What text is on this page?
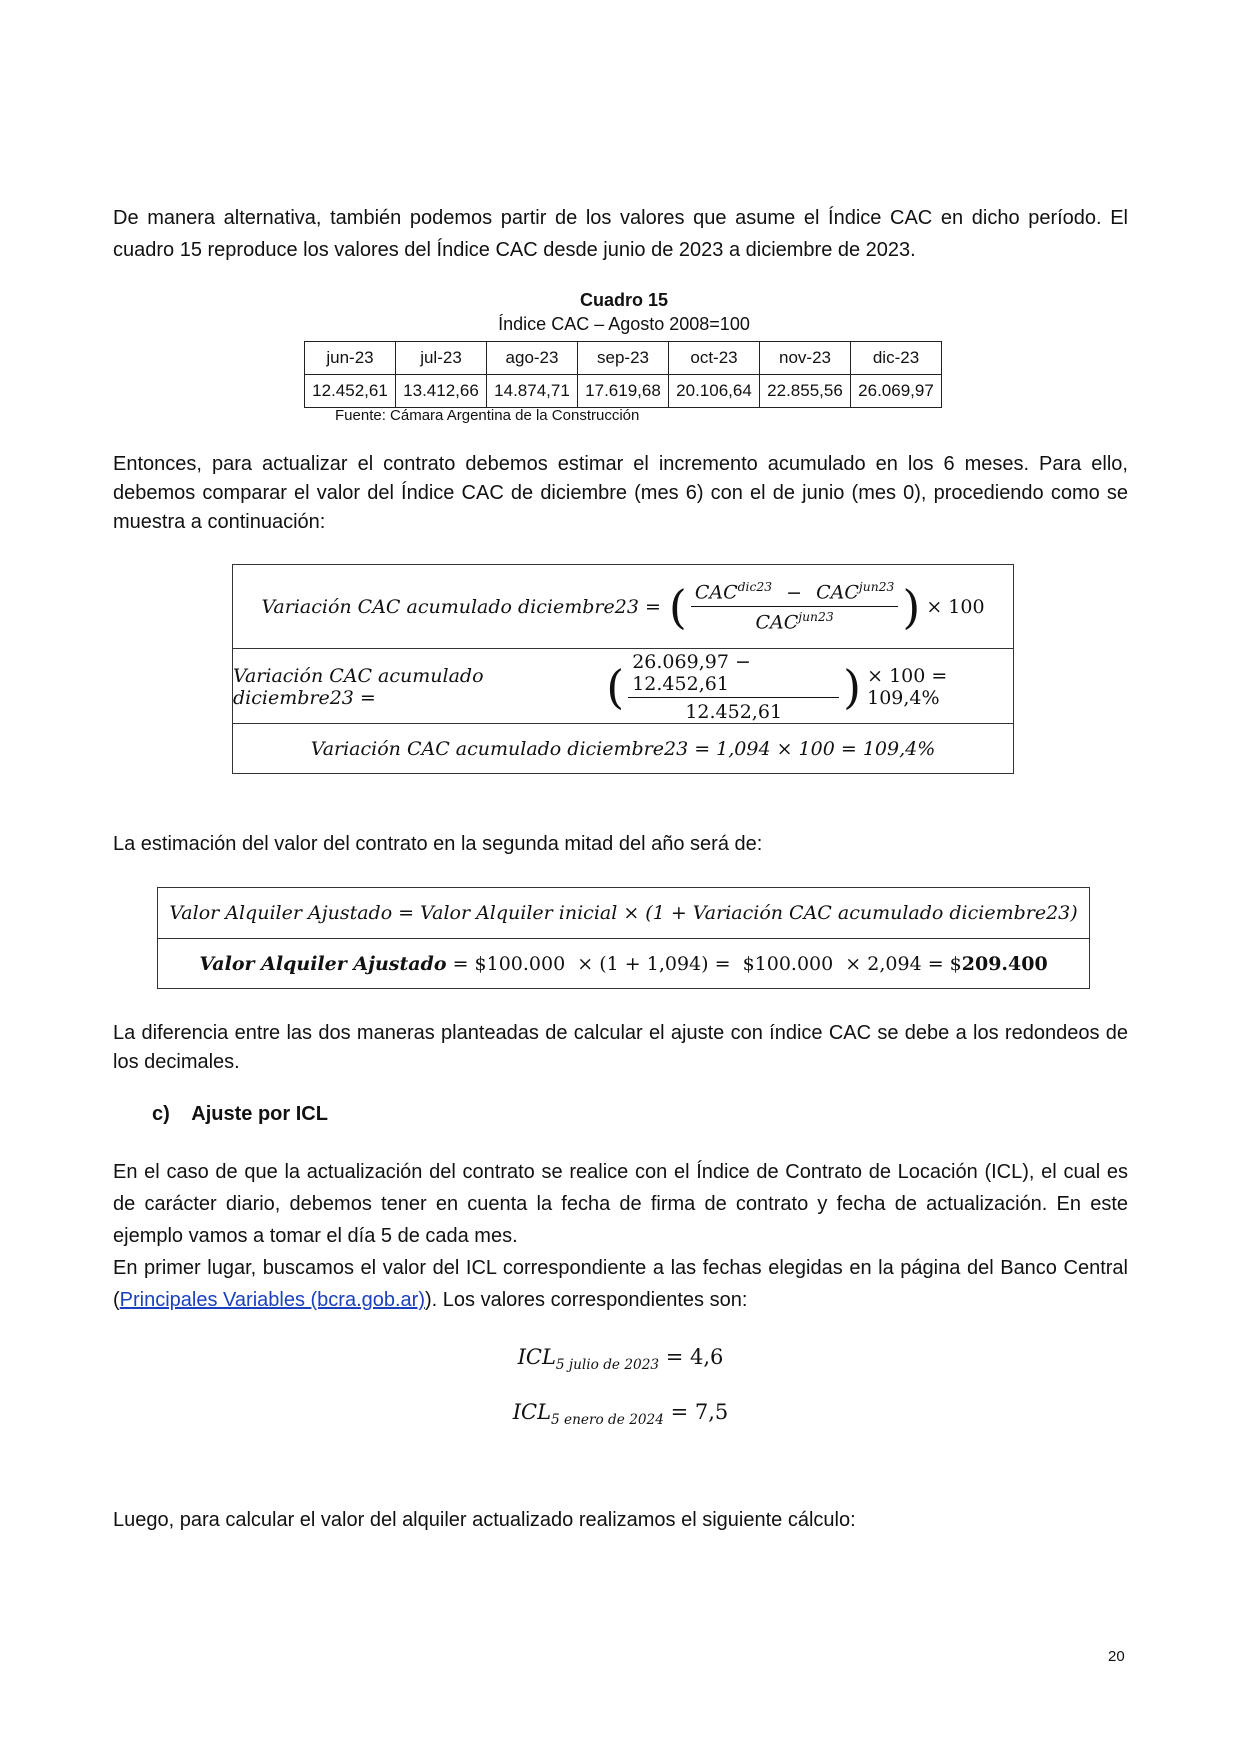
De manera alternativa, también podemos partir de los valores que asume el Índice CAC en dicho período. El cuadro 15 reproduce los valores del Índice CAC desde junio de 2023 a diciembre de 2023.
Cuadro 15
Índice CAC – Agosto 2008=100
jun-23	jul-23	ago-23	sep-23	oct-23	nov-23	dic-23
12.452,61	13.412,66	14.874,71	17.619,68	20.106,64	22.855,56	26.069,97
Fuente: Cámara Argentina de la Construcción
Entonces, para actualizar el contrato debemos estimar el incremento acumulado en los 6 meses. Para ello, debemos comparar el valor del Índice CAC de diciembre (mes 6) con el de junio (mes 0), procediendo como se muestra a continuación:
Variación CAC acumulado diciembre23 = ( $\frac{CAC^{dic23} - CAC^{jun23}}{CAC^{jun23}}$ ) × 100
Variación CAC acumulado diciembre23 =	( $\frac{26.069,97 - 12.452,61}{12.452,61}$ ) × 100 = 109,4%
Variación CAC acumulado diciembre23 = 1,094 × 100 = 109,4%
La estimación del valor del contrato en la segunda mitad del año será de:
Valor Alquiler Ajustado = Valor Alquiler inicial × (1 + Variación CAC acumulado diciembre23)
Valor Alquiler Ajustado = $100.000  × (1 + 1,094) =  $100.000  × 2,094 = $ 209.400
La diferencia entre las dos maneras planteadas de calcular el ajuste con índice CAC se debe a los redondeos de los decimales.
c)    Ajuste por ICL
En el caso de que la actualización del contrato se realice con el Índice de Contrato de Locación (ICL), el cual es de carácter diario, debemos tener en cuenta la fecha de firma de contrato y fecha de actualización. En este ejemplo vamos a tomar el día 5 de cada mes.
En primer lugar, buscamos el valor del ICL correspondiente a las fechas elegidas en la página del Banco Central (Principales Variables (bcra.gob.ar)). Los valores correspondientes son:
$ICL_{5 julio de 2023} = 4,6$
$ICL_{5 enero de 2024} = 7,5$
Luego, para calcular el valor del alquiler actualizado realizamos el siguiente cálculo:
20
